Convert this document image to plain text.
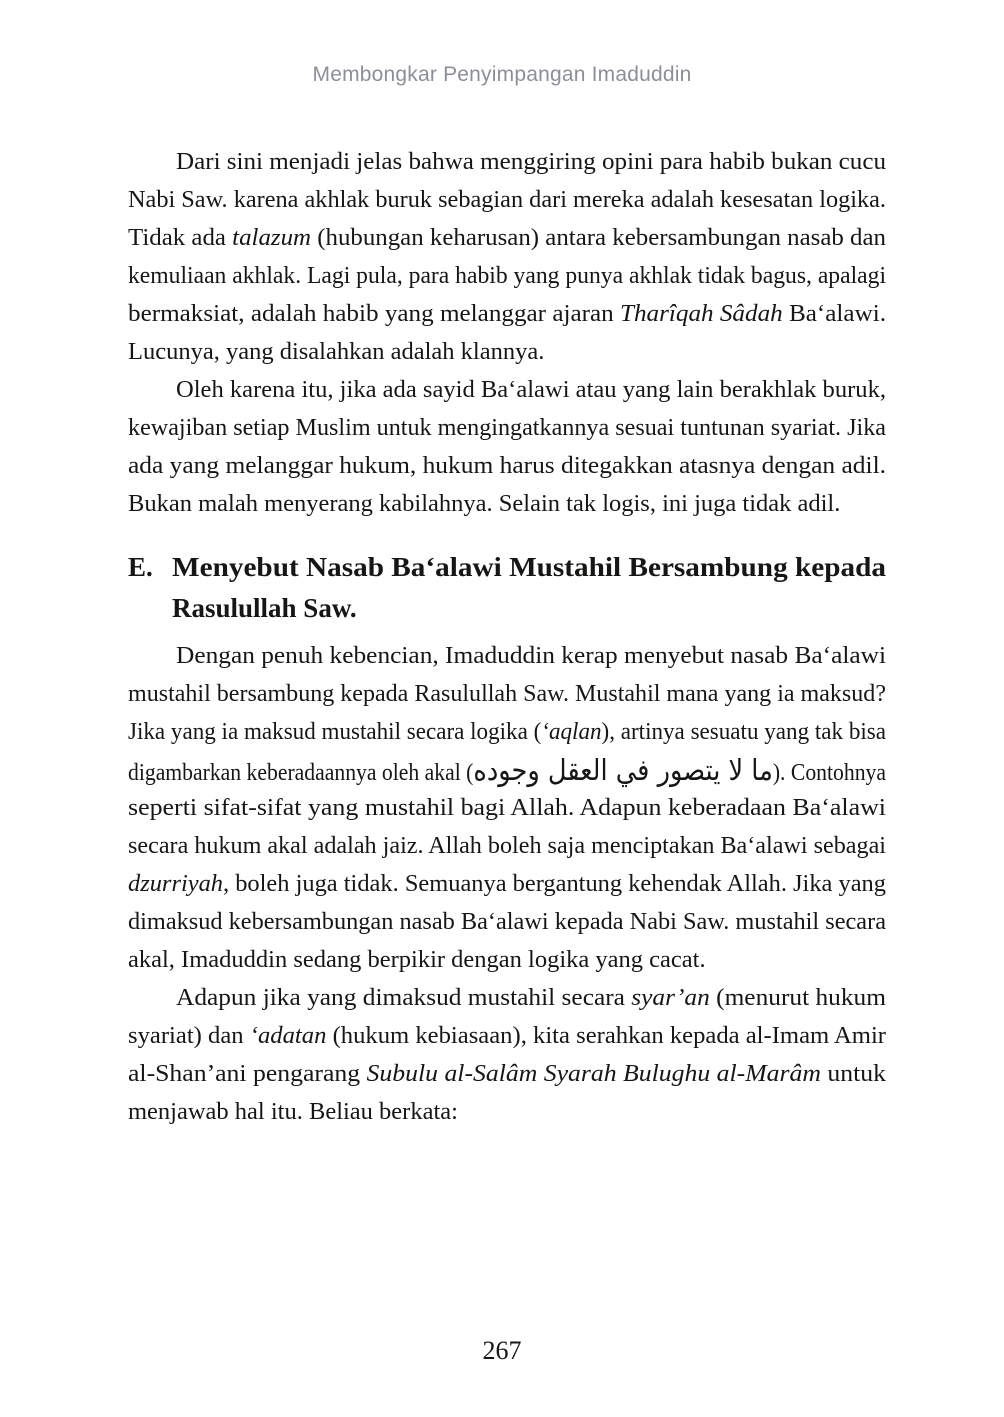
Membongkar Penyimpangan Imaduddin
Dari sini menjadi jelas bahwa menggiring opini para habib bukan cucu
Nabi Saw. karena akhlak buruk sebagian dari mereka adalah kesesatan logika.
Tidak ada talazum (hubungan keharusan) antara kebersambungan nasab dan
kemuliaan akhlak. Lagi pula, para habib yang punya akhlak tidak bagus, apalagi
bermaksiat, adalah habib yang melanggar ajaran Tharîqah Sâdah Ba‘alawi.
Lucunya, yang disalahkan adalah klannya.
Oleh karena itu, jika ada sayid Ba‘alawi atau yang lain berakhlak buruk,
kewajiban setiap Muslim untuk mengingatkannya sesuai tuntunan syariat. Jika
ada yang melanggar hukum, hukum harus ditegakkan atasnya dengan adil.
Bukan malah menyerang kabilahnya. Selain tak logis, ini juga tidak adil.
E. Menyebut Nasab Ba‘alawi Mustahil Bersambung kepada
Rasulullah Saw.
Dengan penuh kebencian, Imaduddin kerap menyebut nasab Ba‘alawi
mustahil bersambung kepada Rasulullah Saw. Mustahil mana yang ia maksud?
Jika yang ia maksud mustahil secara logika (‘aqlan), artinya sesuatu yang tak bisa
digambarkan keberadaannya oleh akal (ما لا يتصور في العقل وجوده). Contohnya
seperti sifat-sifat yang mustahil bagi Allah. Adapun keberadaan Ba‘alawi
secara hukum akal adalah jaiz. Allah boleh saja menciptakan Ba‘alawi sebagai
dzurriyah, boleh juga tidak. Semuanya bergantung kehendak Allah. Jika yang
dimaksud kebersambungan nasab Ba‘alawi kepada Nabi Saw. mustahil secara
akal, Imaduddin sedang berpikir dengan logika yang cacat.
Adapun jika yang dimaksud mustahil secara syar’an (menurut hukum
syariat) dan ‘adatan (hukum kebiasaan), kita serahkan kepada al-Imam Amir
al-Shan’ani pengarang Subulu al-Salâm Syarah Bulughu al-Marâm untuk
menjawab hal itu. Beliau berkata:
267
